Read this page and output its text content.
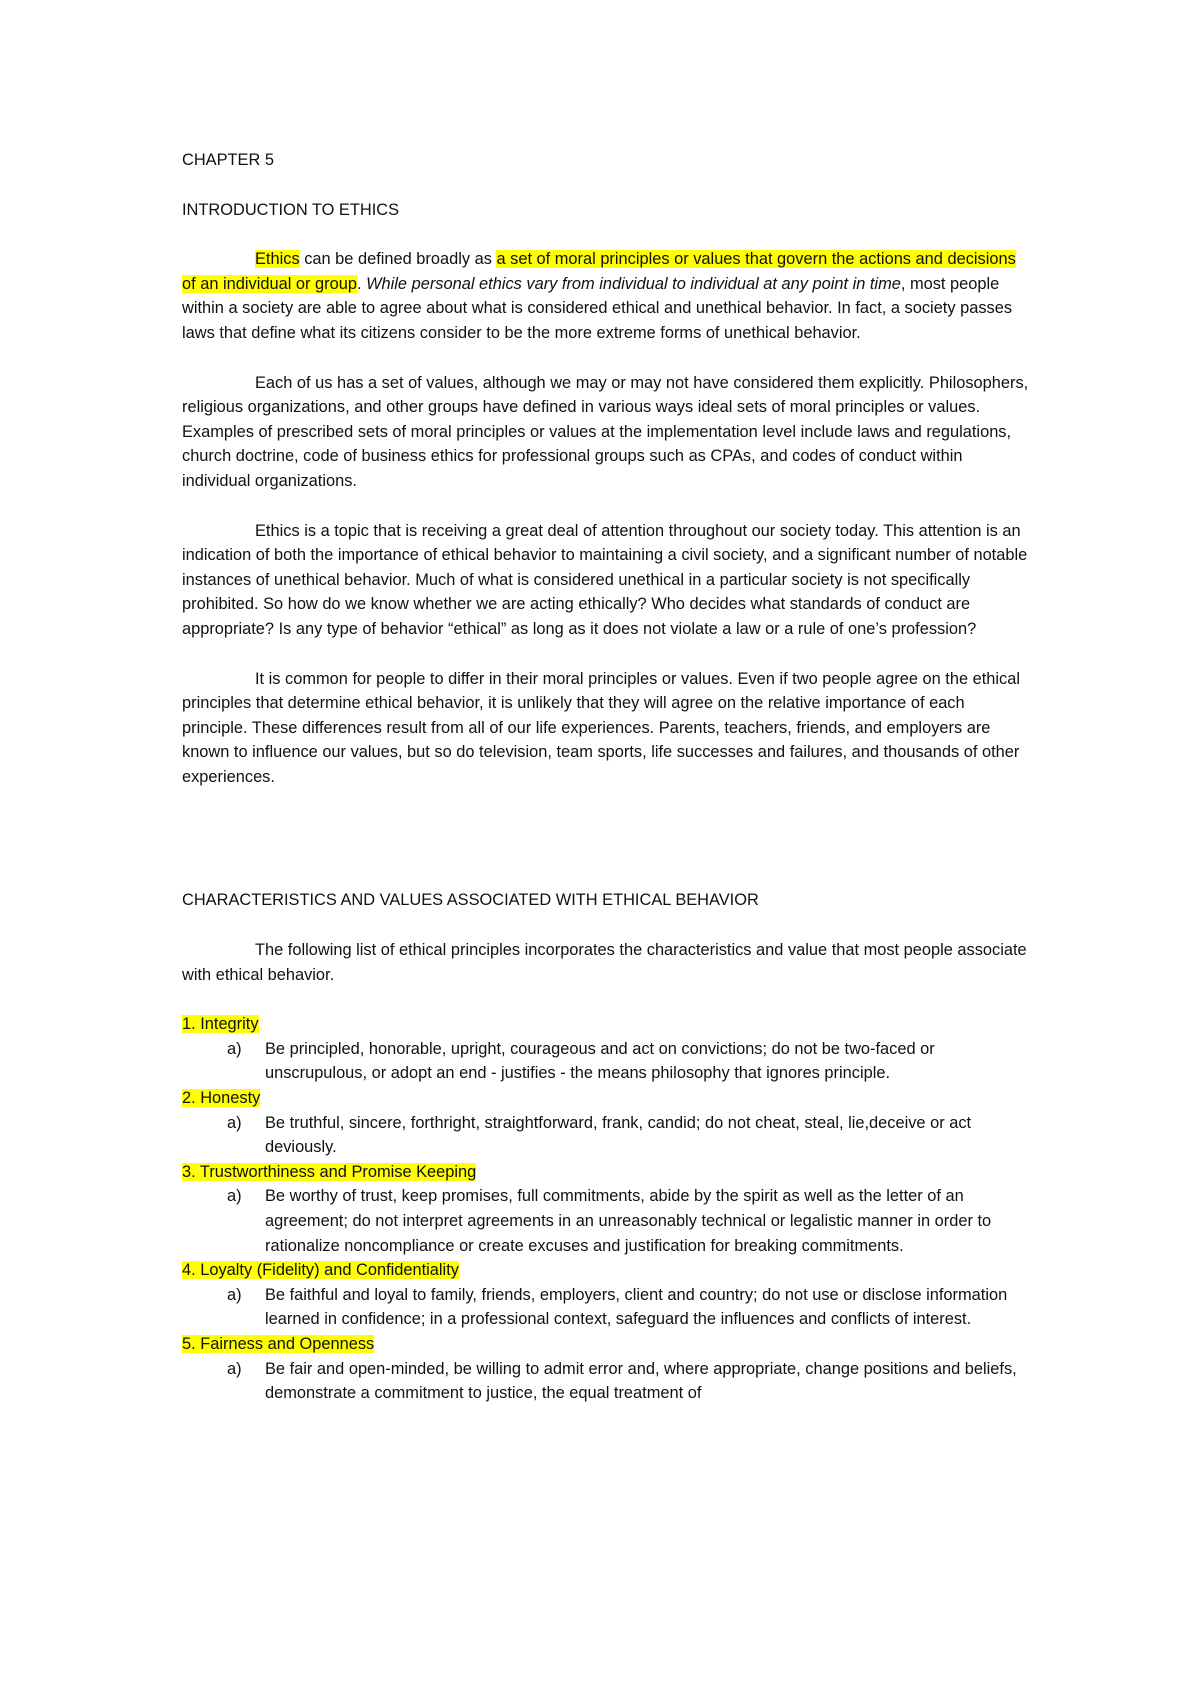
CHAPTER 5

INTRODUCTION TO ETHICS

Ethics can be defined broadly as a set of moral principles or values that govern the actions and decisions of an individual or group. While personal ethics vary from individual to individual at any point in time, most people within a society are able to agree about what is considered ethical and unethical behavior. In fact, a society passes laws that define what its citizens consider to be the more extreme forms of unethical behavior.

Each of us has a set of values, although we may or may not have considered them explicitly. Philosophers, religious organizations, and other groups have defined in various ways ideal sets of moral principles or values. Examples of prescribed sets of moral principles or values at the implementation level include laws and regulations, church doctrine, code of business ethics for professional groups such as CPAs, and codes of conduct within individual organizations.

Ethics is a topic that is receiving a great deal of attention throughout our society today. This attention is an indication of both the importance of ethical behavior to maintaining a civil society, and a significant number of notable instances of unethical behavior. Much of what is considered unethical in a particular society is not specifically prohibited. So how do we know whether we are acting ethically? Who decides what standards of conduct are appropriate? Is any type of behavior “ethical” as long as it does not violate a law or a rule of one’s profession?

It is common for people to differ in their moral principles or values. Even if two people agree on the ethical principles that determine ethical behavior, it is unlikely that they will agree on the relative importance of each principle. These differences result from all of our life experiences. Parents, teachers, friends, and employers are known to influence our values, but so do television, team sports, life successes and failures, and thousands of other experiences.

CHARACTERISTICS AND VALUES ASSOCIATED WITH ETHICAL BEHAVIOR

The following list of ethical principles incorporates the characteristics and value that most people associate with ethical behavior.

1. Integrity

a)	Be principled, honorable, upright, courageous and act on convictions; do not be two-faced or unscrupulous, or adopt an end - justifies - the means philosophy that ignores principle.

2. Honesty

a)	Be truthful, sincere, forthright, straightforward, frank, candid; do not cheat, steal, lie,deceive or act deviously.

3. Trustworthiness and Promise Keeping

a)	Be worthy of trust, keep promises, full commitments, abide by the spirit as well as the letter of an agreement; do not interpret agreements in an unreasonably technical or legalistic manner in order to rationalize noncompliance or create excuses and justification for breaking commitments.

4. Loyalty (Fidelity) and Confidentiality

a)	Be faithful and loyal to family, friends, employers, client and country; do not use or disclose information learned in confidence; in a professional context, safeguard the influences and conflicts of interest.

5. Fairness and Openness

a)	Be fair and open-minded, be willing to admit error and, where appropriate, change positions and beliefs, demonstrate a commitment to justice, the equal treatment of
